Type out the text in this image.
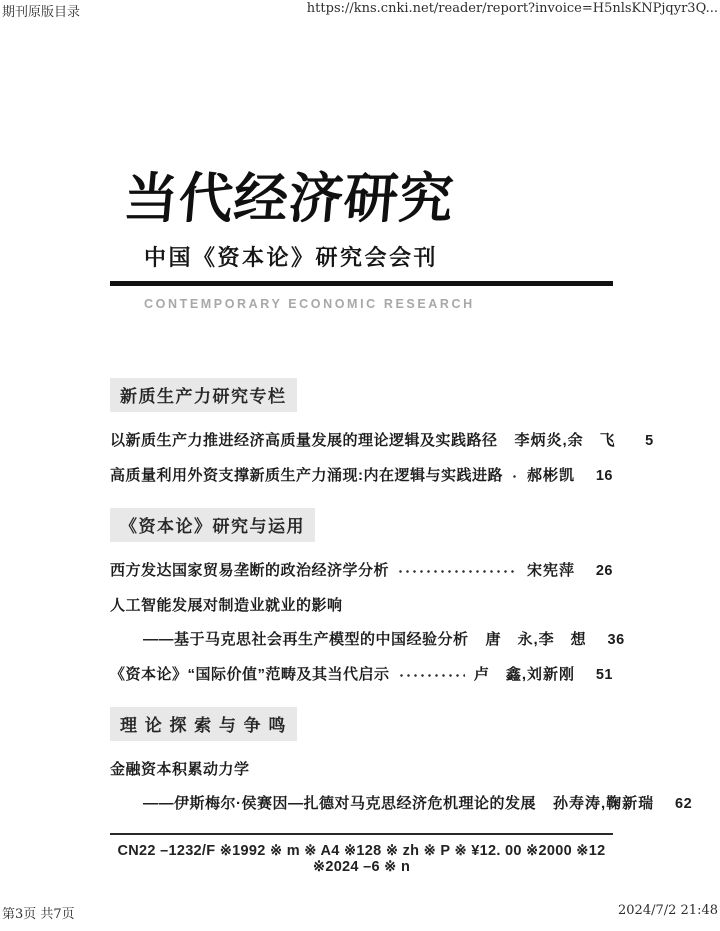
期刊原版目录	https://kns.cnki.net/reader/report?invoice=H5nlsKNPjqyr3Q...
当代经济研究
中国《资本论》研究会会刊
CONTEMPORARY ECONOMIC RESEARCH
新质生产力研究专栏
以新质生产力推进经济高质量发展的理论逻辑及实践路径 李炳炎,余　飞	5
高质量利用外资支撑新质生产力涌现:内在逻辑与实践进路 郝彬凯	16
《资本论》研究与运用
西方发达国家贸易垄断的政治经济学分析	宋宪萍	26
人工智能发展对制造业就业的影响
——基于马克思社会再生产模型的中国经验分析 唐　永,李　想	36
《资本论》“国际价值”范畴及其当代启示	卢　鑫,刘新刚	51
理 论 探 索 与 争 鸣
金融资本积累动力学
——伊斯梅尔·侯赛因—扎德对马克思经济危机理论的发展 孙寿涛,鞠新瑞	62
CN22 –1232/F ※1992 ※ m ※ A4 ※128 ※ zh ※ P ※ ¥12. 00 ※2000 ※12 ※2024 –6 ※ n
第3页 共7页	2024/7/2 21:48
